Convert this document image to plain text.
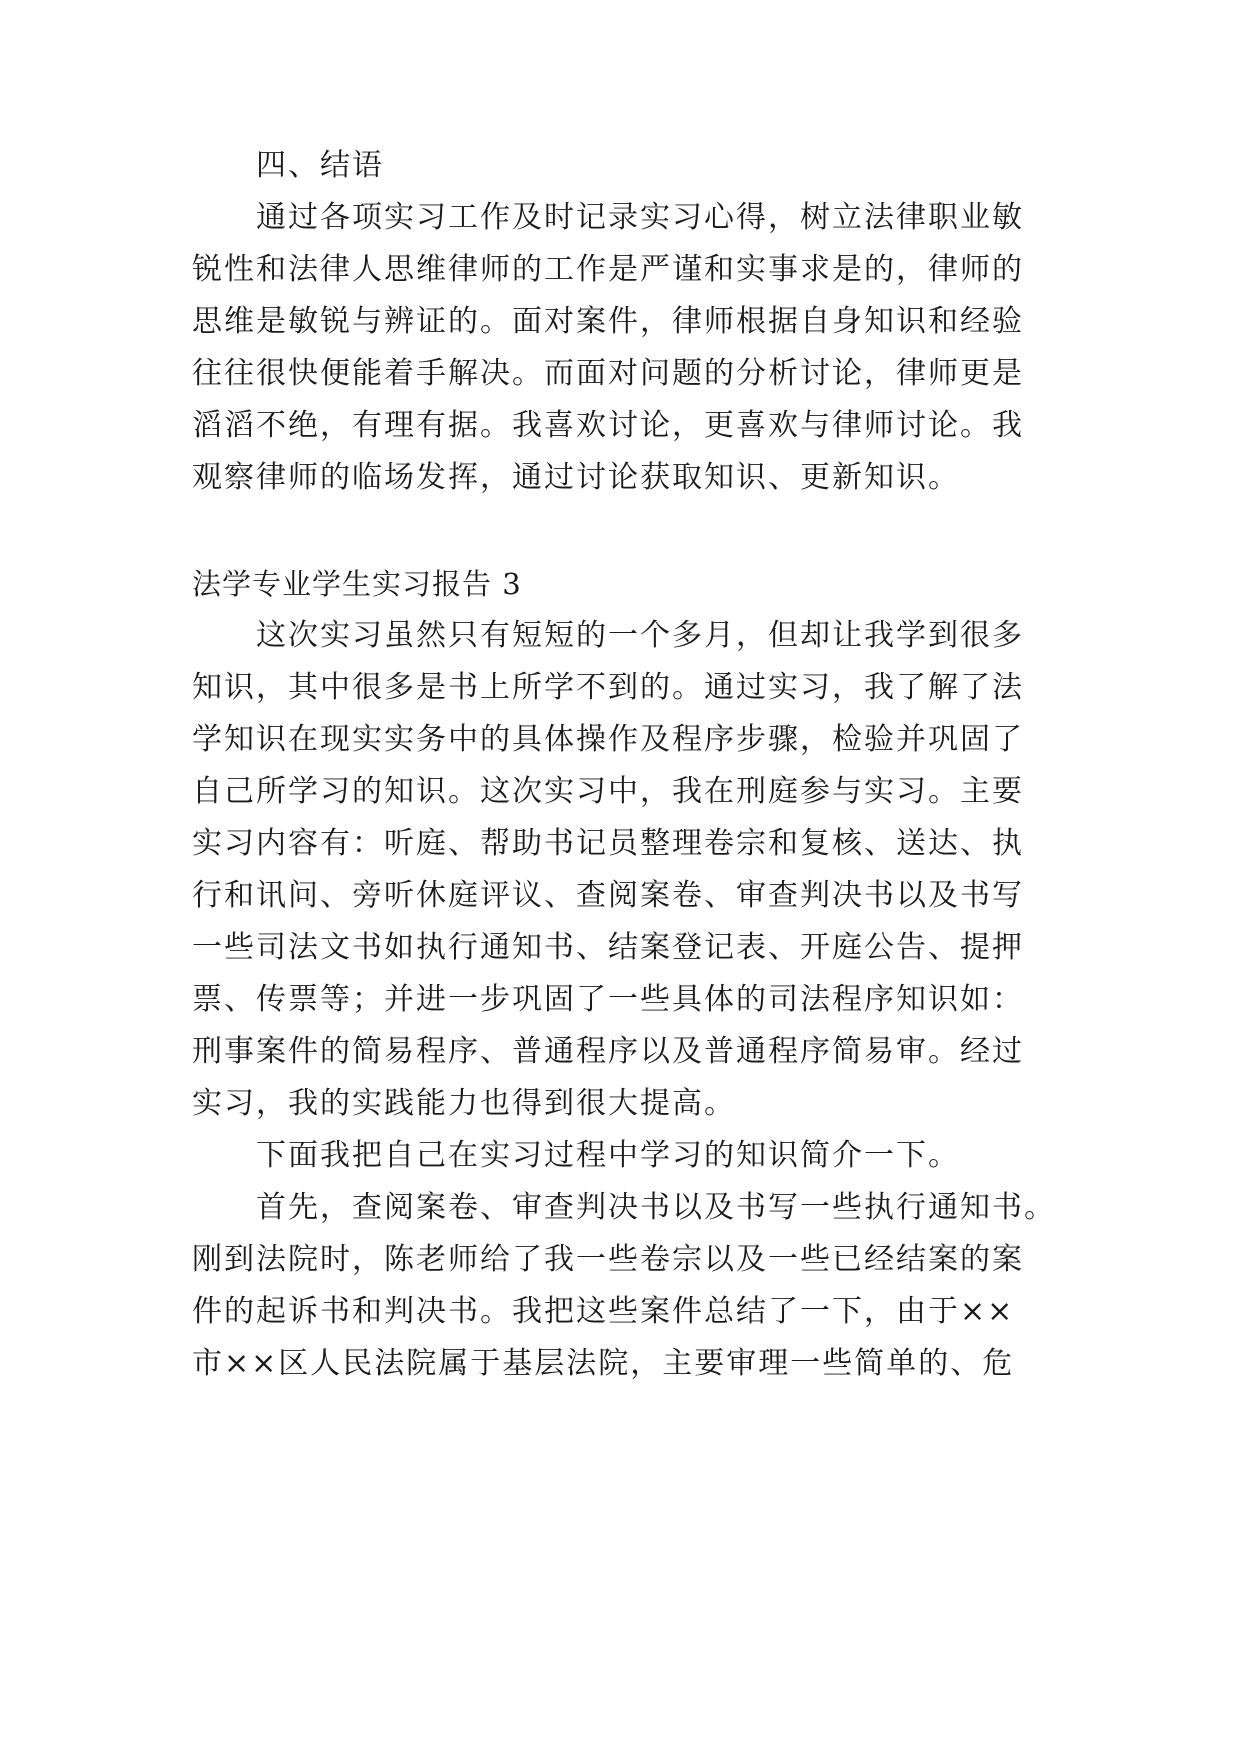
四、结语
通过各项实习工作及时记录实习心得，树立法律职业敏
锐性和法律人思维律师的工作是严谨和实事求是的，律师的
思维是敏锐与辨证的。面对案件，律师根据自身知识和经验
往往很快便能着手解决。而面对问题的分析讨论，律师更是
滔滔不绝，有理有据。我喜欢讨论，更喜欢与律师讨论。我
观察律师的临场发挥，通过讨论获取知识、更新知识。
法学专业学生实习报告 3
这次实习虽然只有短短的一个多月，但却让我学到很多
知识，其中很多是书上所学不到的。通过实习，我了解了法
学知识在现实实务中的具体操作及程序步骤，检验并巩固了
自己所学习的知识。这次实习中，我在刑庭参与实习。主要
实习内容有：听庭、帮助书记员整理卷宗和复核、送达、执
行和讯问、旁听休庭评议、查阅案卷、审查判决书以及书写
一些司法文书如执行通知书、结案登记表、开庭公告、提押
票、传票等；并进一步巩固了一些具体的司法程序知识如：
刑事案件的简易程序、普通程序以及普通程序简易审。经过
实习，我的实践能力也得到很大提高。
下面我把自己在实习过程中学习的知识简介一下。
首先，查阅案卷、审查判决书以及书写一些执行通知书。
刚到法院时，陈老师给了我一些卷宗以及一些已经结案的案
件的起诉书和判决书。我把这些案件总结了一下，由于××
市××区人民法院属于基层法院，主要审理一些简单的、危
